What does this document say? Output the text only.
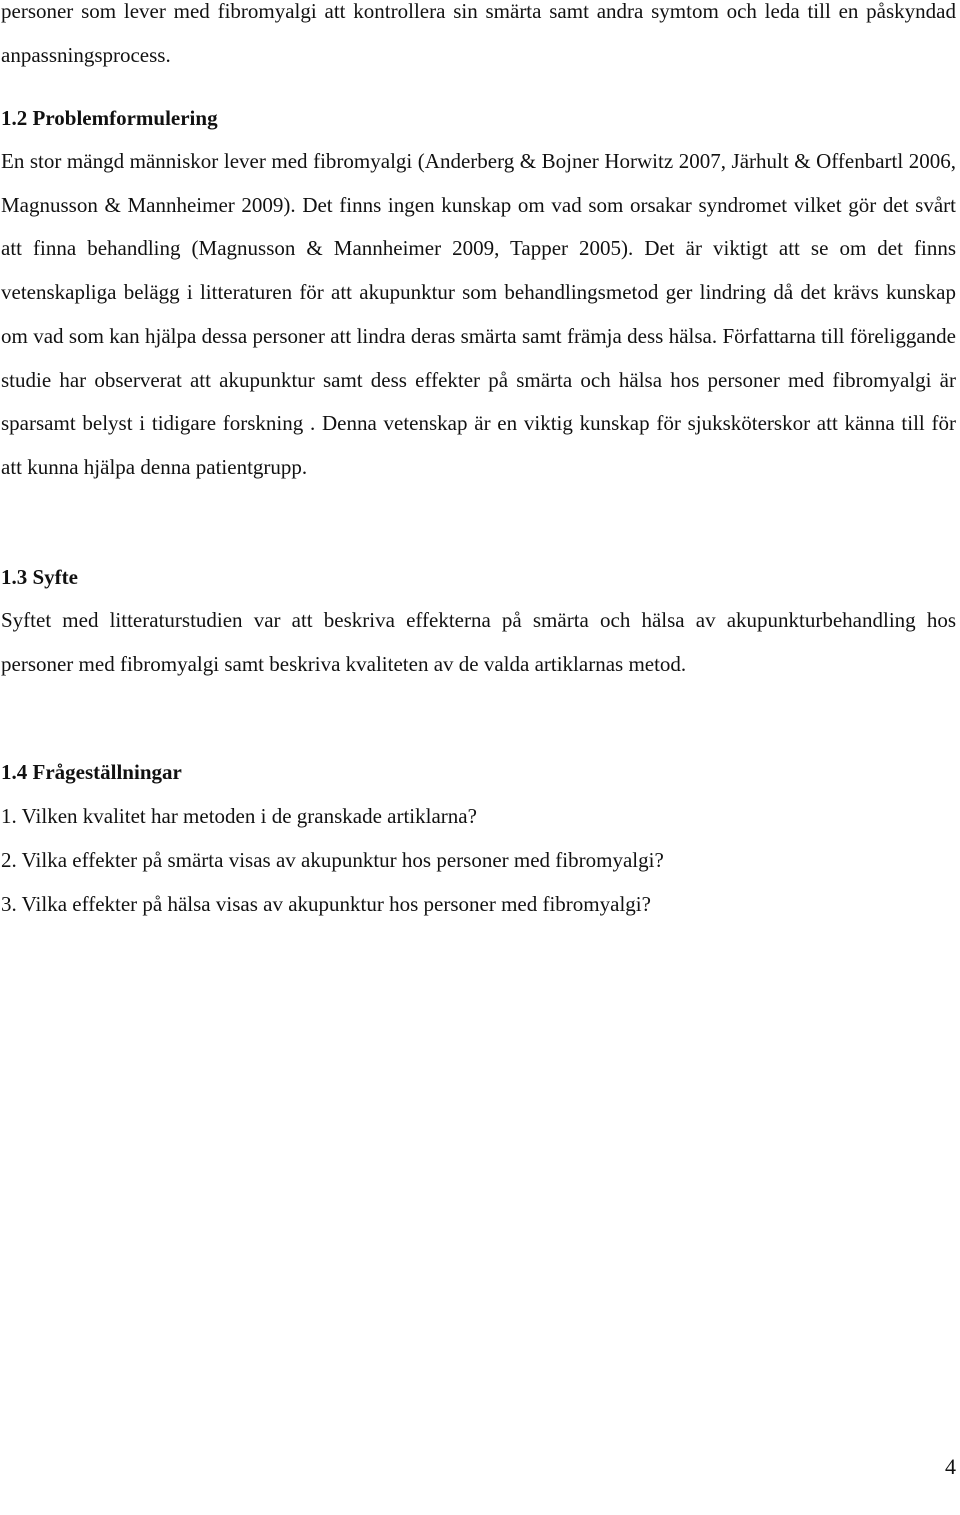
personer som lever med fibromyalgi att kontrollera sin smärta samt andra symtom och leda till en påskyndad anpassningsprocess.

1.2 Problemformulering

En stor mängd människor lever med fibromyalgi (Anderberg & Bojner Horwitz 2007, Järhult & Offenbartl 2006, Magnusson & Mannheimer 2009). Det finns ingen kunskap om vad som orsakar syndromet vilket gör det svårt att finna behandling (Magnusson & Mannheimer 2009, Tapper 2005). Det är viktigt att se om det finns vetenskapliga belägg i litteraturen för att akupunktur som behandlingsmetod ger lindring då det krävs kunskap om vad som kan hjälpa dessa personer att lindra deras smärta samt främja dess hälsa. Författarna till föreliggande studie har observerat att akupunktur samt dess effekter på smärta och hälsa hos personer med fibromyalgi är sparsamt belyst i tidigare forskning . Denna vetenskap är en viktig kunskap för sjuksköterskor att känna till för att kunna hjälpa denna patientgrupp.

1.3 Syfte

Syftet med litteraturstudien var att beskriva effekterna på smärta och hälsa av akupunkturbehandling hos personer med fibromyalgi samt beskriva kvaliteten av de valda artiklarnas metod.

1.4 Frågeställningar

1. Vilken kvalitet har metoden i de granskade artiklarna?

2. Vilka effekter på smärta visas av akupunktur hos personer med fibromyalgi?

3. Vilka effekter på hälsa visas av akupunktur hos personer med fibromyalgi?

4
